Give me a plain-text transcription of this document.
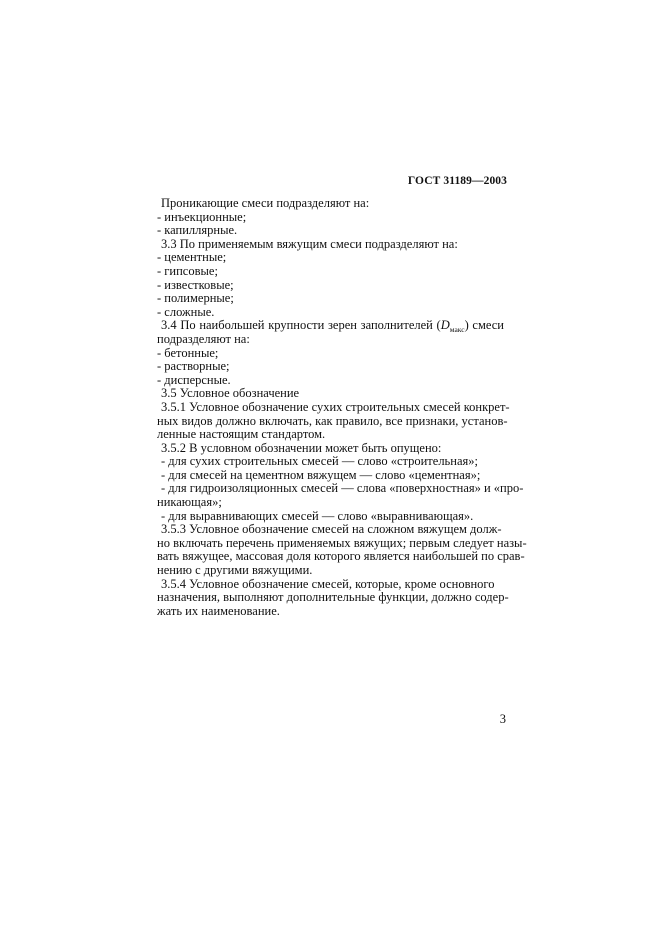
ГОСТ 31189—2003
Проникающие смеси подразделяют на:
- инъекционные;
- капиллярные.
3.3 По применяемым вяжущим смеси подразделяют на:
- цементные;
- гипсовые;
- известковые;
- полимерные;
- сложные.
3.4 По наибольшей крупности зерен заполнителей $(D_{макс})$ смеси
подразделяют на:
- бетонные;
- растворные;
- дисперсные.
3.5 Условное обозначение
3.5.1 Условное обозначение сухих строительных смесей конкрет-
ных видов должно включать, как правило, все признаки, установ-
ленные настоящим стандартом.
3.5.2 В условном обозначении может быть опущено:
- для сухих строительных смесей — слово «строительная»;
- для смесей на цементном вяжущем — слово «цементная»;
- для гидроизоляционных смесей — слова «поверхностная» и «про-
никающая»;
- для выравнивающих смесей — слово «выравнивающая».
3.5.3 Условное обозначение смесей на сложном вяжущем долж-
но включать перечень применяемых вяжущих; первым следует назы-
вать вяжущее, массовая доля которого является наибольшей по срав-
нению с другими вяжущими.
3.5.4 Условное обозначение смесей, которые, кроме основного
назначения, выполняют дополнительные функции, должно содер-
жать их наименование.
3
